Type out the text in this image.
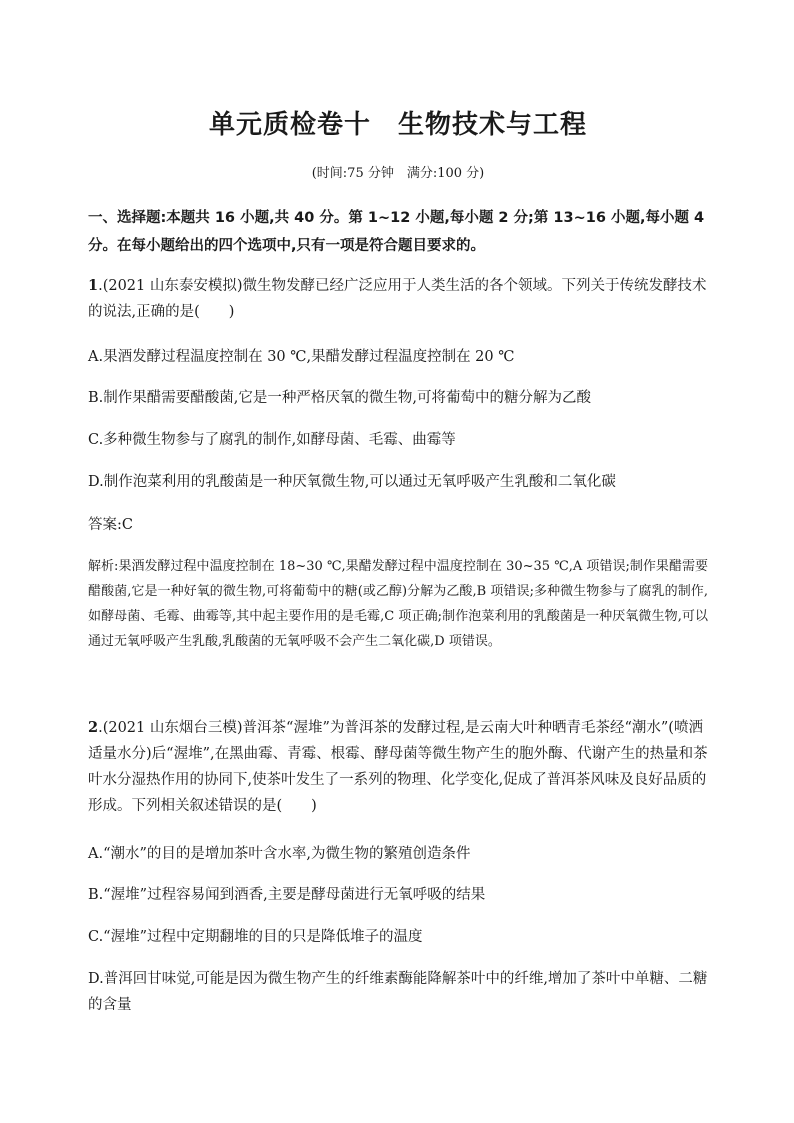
单元质检卷十　生物技术与工程
(时间:75 分钟　满分:100 分)
一、选择题:本题共 16 小题,共 40 分。第 1~12 小题,每小题 2 分;第 13~16 小题,每小题 4 分。在每小题给出的四个选项中,只有一项是符合题目要求的。
1.(2021 山东泰安模拟)微生物发酵已经广泛应用于人类生活的各个领域。下列关于传统发酵技术的说法,正确的是(　　)
A.果酒发酵过程温度控制在 30 ℃,果醋发酵过程温度控制在 20 ℃
B.制作果醋需要醋酸菌,它是一种严格厌氧的微生物,可将葡萄中的糖分解为乙酸
C.多种微生物参与了腐乳的制作,如酵母菌、毛霉、曲霉等
D.制作泡菜利用的乳酸菌是一种厌氧微生物,可以通过无氧呼吸产生乳酸和二氧化碳
答案:C
解析:果酒发酵过程中温度控制在 18~30 ℃,果醋发酵过程中温度控制在 30~35 ℃,A 项错误;制作果醋需要醋酸菌,它是一种好氧的微生物,可将葡萄中的糖(或乙醇)分解为乙酸,B 项错误;多种微生物参与了腐乳的制作,如酵母菌、毛霉、曲霉等,其中起主要作用的是毛霉,C 项正确;制作泡菜利用的乳酸菌是一种厌氧微生物,可以通过无氧呼吸产生乳酸,乳酸菌的无氧呼吸不会产生二氧化碳,D 项错误。
2.(2021 山东烟台三模)普洱茶“渥堆”为普洱茶的发酵过程,是云南大叶种晒青毛茶经“潮水”(喷洒适量水分)后“渥堆”,在黑曲霉、青霉、根霉、酵母菌等微生物产生的胞外酶、代谢产生的热量和茶叶水分湿热作用的协同下,使茶叶发生了一系列的物理、化学变化,促成了普洱茶风味及良好品质的形成。下列相关叙述错误的是(　　)
A.“潮水”的目的是增加茶叶含水率,为微生物的繁殖创造条件
B.“渥堆”过程容易闻到酒香,主要是酵母菌进行无氧呼吸的结果
C.“渥堆”过程中定期翻堆的目的只是降低堆子的温度
D.普洱回甘味觉,可能是因为微生物产生的纤维素酶能降解茶叶中的纤维,增加了茶叶中单糖、二糖的含量
